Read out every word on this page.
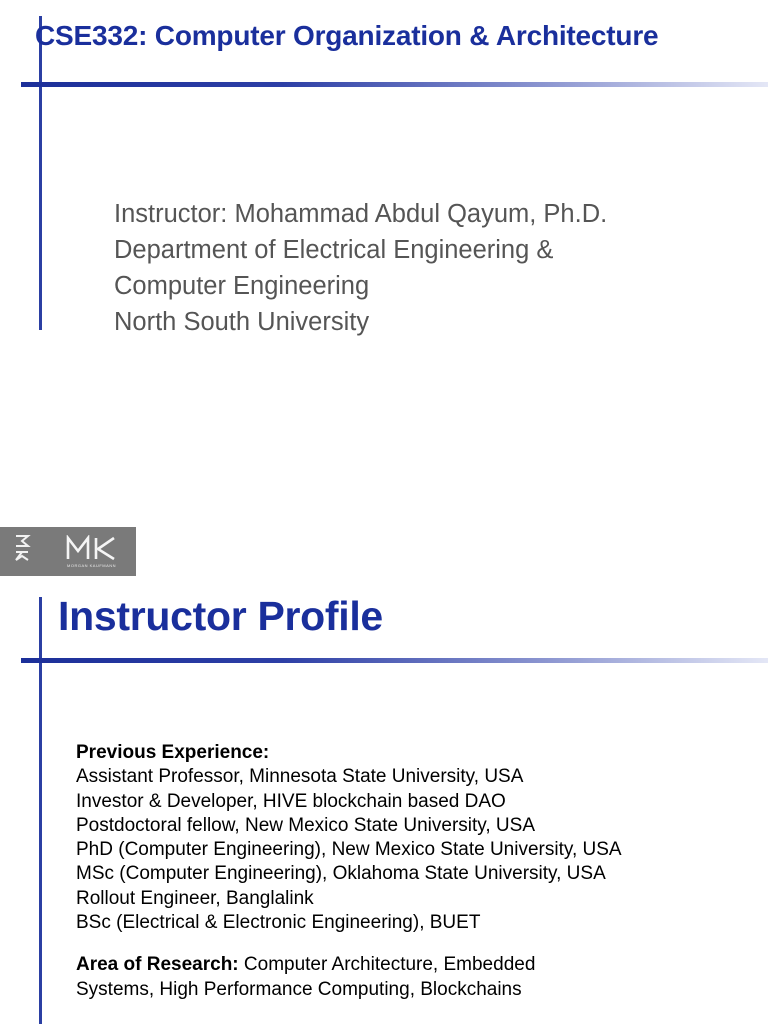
CSE332: Computer Organization & Architecture
Instructor: Mohammad Abdul Qayum, Ph.D.
Department of Electrical Engineering &
Computer Engineering
North South University
MORGAN KAUFMANN
Instructor Profile
Previous Experience:
Assistant Professor, Minnesota State University, USA
Investor & Developer, HIVE blockchain based DAO
Postdoctoral fellow, New Mexico State University, USA
PhD (Computer Engineering), New Mexico State University, USA
MSc (Computer Engineering), Oklahoma State University, USA
Rollout Engineer, Banglalink
BSc (Electrical & Electronic Engineering), BUET
Area of Research: Computer Architecture, Embedded
Systems, High Performance Computing, Blockchains
